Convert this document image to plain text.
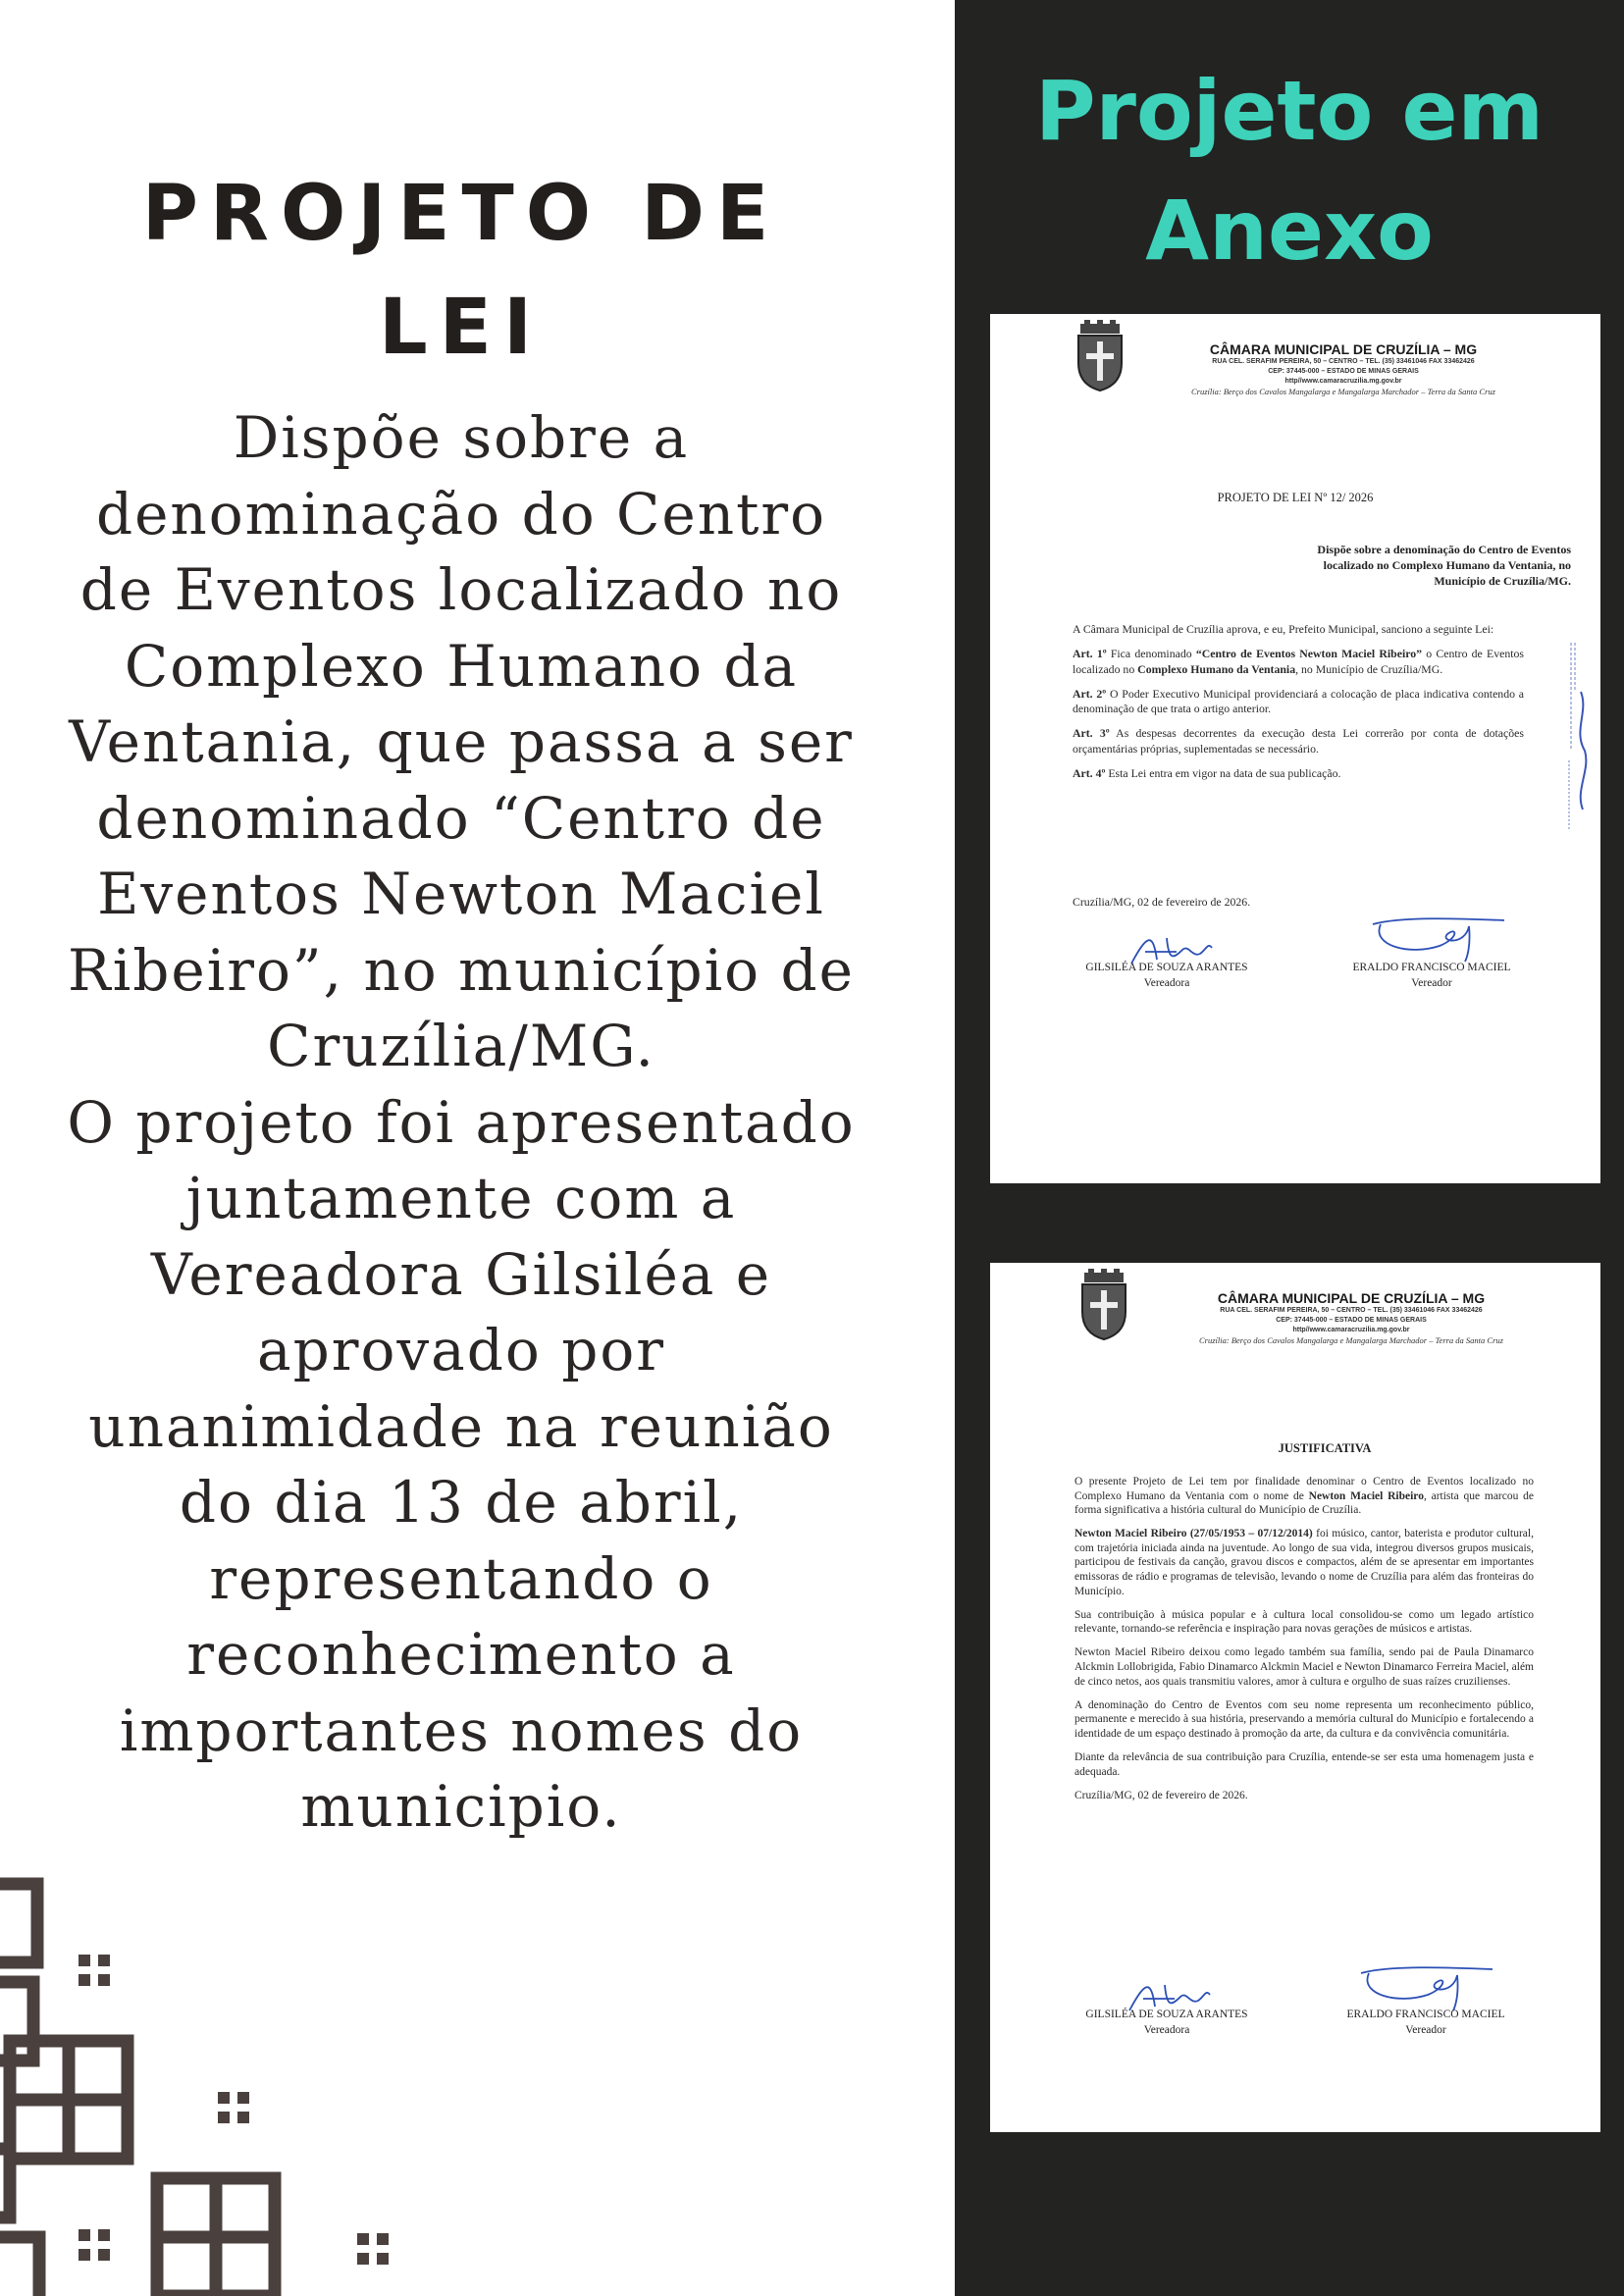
PROJETO DE LEI
Dispõe sobre a denominação do Centro de Eventos localizado no Complexo Humano da Ventania, que passa a ser denominado “Centro de Eventos Newton Maciel Ribeiro”, no município de Cruzília/MG.
O projeto foi apresentado juntamente com a Vereadora Gilsiléa e aprovado por unanimidade na reunião do dia 13 de abril, representando o reconhecimento a importantes nomes do municipio.
Projeto em Anexo
CÂMARA MUNICIPAL DE CRUZÍLIA – MG
RUA CEL. SERAFIM PEREIRA, 50 – CENTRO – TEL. (35) 33461046 FAX 33462426
CEP: 37445-000 – ESTADO DE MINAS GERAIS
http//www.camaracruzilia.mg.gov.br
Cruzília: Berço dos Cavalos Mangalarga e Mangalarga Marchador – Terra da Santa Cruz
PROJETO DE LEI Nº 12/ 2026
Dispõe sobre a denominação do Centro de Eventos localizado no Complexo Humano da Ventania, no Município de Cruzília/MG.

A Câmara Municipal de Cruzília aprova, e eu, Prefeito Municipal, sanciono a seguinte Lei:

Art. 1º Fica denominado “Centro de Eventos Newton Maciel Ribeiro” o Centro de Eventos localizado no Complexo Humano da Ventania, no Município de Cruzília/MG.

Art. 2º O Poder Executivo Municipal providenciará a colocação de placa indicativa contendo a denominação de que trata o artigo anterior.

Art. 3º As despesas decorrentes da execução desta Lei correrão por conta de dotações orçamentárias próprias, suplementadas se necessário.

Art. 4º Esta Lei entra em vigor na data de sua publicação.

Cruzília/MG, 02 de fevereiro de 2026.
GILSILÉA DE SOUZA ARANTES
Vereadora
ERALDO FRANCISCO MACIEL
Vereador
CÂMARA MUNICIPAL DE CRUZÍLIA – MG
RUA CEL. SERAFIM PEREIRA, 50 – CENTRO – TEL. (35) 33461046 FAX 33462426
CEP: 37445-000 – ESTADO DE MINAS GERAIS
http//www.camaracruzilia.mg.gov.br
Cruzília: Berço dos Cavalos Mangalarga e Mangalarga Marchador – Terra da Santa Cruz
JUSTIFICATIVA

O presente Projeto de Lei tem por finalidade denominar o Centro de Eventos localizado no Complexo Humano da Ventania com o nome de Newton Maciel Ribeiro, artista que marcou de forma significativa a história cultural do Município de Cruzília.

Newton Maciel Ribeiro (27/05/1953 – 07/12/2014) foi músico, cantor, baterista e produtor cultural, com trajetória iniciada ainda na juventude. Ao longo de sua vida, integrou diversos grupos musicais, participou de festivais da canção, gravou discos e compactos, além de se apresentar em importantes emissoras de rádio e programas de televisão, levando o nome de Cruzília para além das fronteiras do Município.

Sua contribuição à música popular e à cultura local consolidou-se como um legado artístico relevante, tornando-se referência e inspiração para novas gerações de músicos e artistas.

Newton Maciel Ribeiro deixou como legado também sua família, sendo pai de Paula Dinamarco Alckmin Lollobrigida, Fabio Dinamarco Alckmin Maciel e Newton Dinamarco Ferreira Maciel, além de cinco netos, aos quais transmitiu valores, amor à cultura e orgulho de suas raízes cruzilienses.

A denominação do Centro de Eventos com seu nome representa um reconhecimento público, permanente e merecido à sua história, preservando a memória cultural do Município e fortalecendo a identidade de um espaço destinado à promoção da arte, da cultura e da convivência comunitária.

Diante da relevância de sua contribuição para Cruzília, entende-se ser esta uma homenagem justa e adequada.

Cruzília/MG, 02 de fevereiro de 2026.

GILSILÉA DE SOUZA ARANTES
Vereadora
ERALDO FRANCISCO MACIEL
Vereador
